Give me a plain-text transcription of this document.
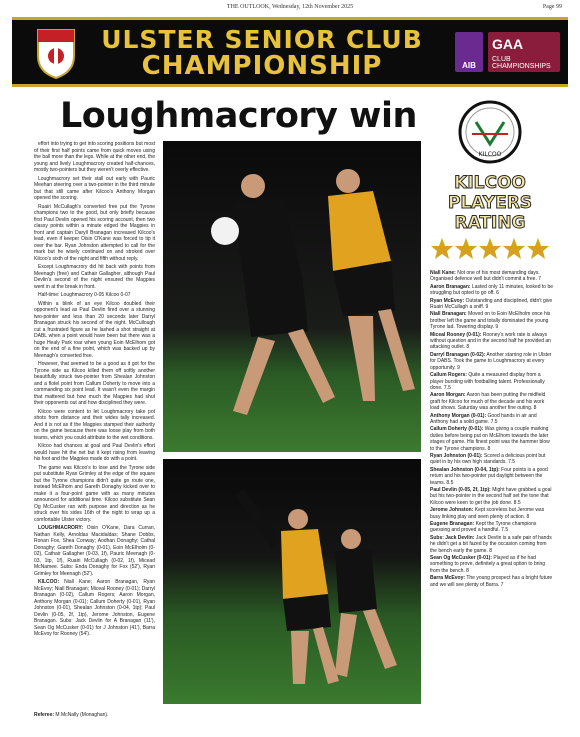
THE OUTLOOK, Wednesday, 12th November 2025	Page 99
ULSTER SENIOR CLUB
CHAMPIONSHIP	AIB
GAA
CLUB CHAMPIONSHIPS
Loughmacrory win

effort into trying to get into scoring positions but most of their first half points came from quick moves using the ball more than the legs. While at the other end, the young and lively Loughmacrory created half-chances, mostly two-pointers but they weren't overly effective.

Loughmacrory set their stall out early with Pauric Meehan steering over a two-pointer in the third minute but that still came after Kilcoo's Anthony Morgan opened the scoring.

Ruairi McCullagh's converted free put the Tyrone champions two to the good, but only briefly because first Paul Devlin opened his scoring account, then two classy points within a minute edged the Magpies in front and captain Daryll Branagan increased Kilcoo's lead, even if keeper Oisin O'Kane was forced to tip it over the bar. Ryan Johnston attempted to call for the mark but he wisely continued on and stroked over Kilcoo's sixth of the night and fifth without reply.

Except Loughmacrory did hit back with points from Meenagh (free) and Cathair Gallagher, although Paul Devlin's second of the night ensured the Magpies went in at the break in front.

Half-time: Loughmacrory 0-05 Kilcoo 0-07

Within a blink of an eye Kilcoo doubled their opponent's lead as Paul Devlin fired over a stunning two-pointer and less than 20 seconds later Darryl Branagan struck his second of the night. McCullough cut a frustrated figure as he lashed a shot straight at DABL when a point would have been but there was a huge Healy Park roar when young Eoin McElhom got on the end of a fine point, which was backed up by Meenagh's converted free.

However, that seemed to be a good as it got for the Tyrone side as Kilcoo killed them off softly another beautifully struck two-pointer from Shealan Johnston and a flotel point from Callum Doherty to move into a commanding six point lead. It wasn't even the margin that mattered but how much the Magpies had shut their opponents out and how disciplined they were.

Kilcoo were content to let Loughmacrory take pot shots from distance and their wides tally increased. And it is not as if the Magpies stamped their authority on the game because there was loose play from both teams, which you could attribute to the wet conditions.

Kilcoo had chances at goal and Paul Devlin's effort would have hit the net but it kept rising from leaving his foot and the Magpies made do with a point.

The game was Kilcoo's to lose and the Tyrone side put substitute Ryan Grimley at the edge of the square but the Tyrone champions didn't quite go route one, instead McElhom and Gareth Donaghy kicked over to make it a four-point game with as many minutes announced for additional time. Kilcoo substitute Sean Og McCusker ran with purpose and direction as he struck over his sides 16th of the night to wrap up a comfortable Ulster victory.

LOUGHMACRORY: Oisin O'Kane, Dara Curran, Nathan Kelly, Arnoldas Macidaldas; Shane Dobbs, Ronan Fox, Shea Conway; Aodhan Donaghy; Cathal Donaghy; Gareth Donaghy (0-01), Eoin McElholm (0-02), Cathair Gallagher (0-03, 1f), Pauric Meenagh (0-03, 1tp, 1f), Ruairi McCullagh (0-02, 1f), Micead McNamee. Subs: Enda Donaghy for Fox (52'), Ryan Grimley for Meenagh (52').

KILCOO: Niall Kane; Aaron Branagan, Ryan McEvoy; Niall Branagan; Miceal Rooney (0-01); Darryl Branagan (0-02), Callum Rogers; Aaron Morgan, Anthony Morgan (0-01); Callum Doherty (0-01), Ryan Johnston (0-01), Shealan Johnston (0-04, 1tp); Paul Devlin (0-05, 2f, 1tp), Jerome Johnston, Eugene Branagan. Subs: Jack Devlin for A Branagan (11'), Sean Og McCusker (0-01) for J Johnston (41'), Barra McEvoy for Rooney (54').

Referee: M McNally (Monaghan).
KILCOO
KILCOO
PLAYERS
RATING

Niall Kane: Not one of his most demanding days. Organised defence well but didn't commit a free. 7

Aaron Branagan: Lasted only 11 minutes, looked to be struggling but opted to go off. 6

Ryan McEvoy: Outstanding and disciplined, didn't give Ruairi McCullagh a sniff. 9

Niall Branagan: Moved on to Eoin McElholm once his brother left the game and totally dominated the young Tyrone lad. Towering display. 9

Miceal Rooney (0-01): Rooney's work rate is always without question and in the second half he provided an attacking outlet. 8

Darryl Branagan (0-02): Another starring role in Ulster for DABS. Took the game to Loughmacrory at every opportunity. 9

Callum Rogers: Quite a measured display from a player bursting with footballing talent. Professionally done. 7.5

Aaron Morgan: Aaron has been putting the midfield graft for Kilcoo for much of the decade and his work load shows. Saturday was another fine outing. 8

Anthony Morgan (0-01): Good hands in air and Anthony had a solid game. 7.5

Callum Doherty (0-01): Was giving a couple marking duties before being put on McElhom towards the later stages of game. His finest point was the hammer blow to the Tyrone champions. 8

Ryan Johnston (0-01): Scored a delicious point but quiet in by his own high standards. 7.5

Shealan Johnston (0-04, 1tp): Four points is a good return and his two-pointer put daylight between the teams. 8.5

Paul Devlin (0-05, 2f, 1tp): Might have grabbed a goal but his two-pointer in the second half set the tone that Kilcoo were keen to get the job done. 8.5

Jerome Johnston: Kept scoreless but Jerome was busy linking play and seen plenty of action. 8

Eugene Branagan: Kept the Tyrone champions guessing and proved a handful. 7.5

Subs: Jack Devlin: Jack Devlin is a safe pair of hands he didn't get a bit fazed by the occasion coming from the bench early the game. 8

Sean Og McCusker (0-01): Played as if he had something to prove, definitely a great option to bring from the bench. 8

Barra McEvoy: The young prospect has a bright future and we will see plenty of Barra. 7
